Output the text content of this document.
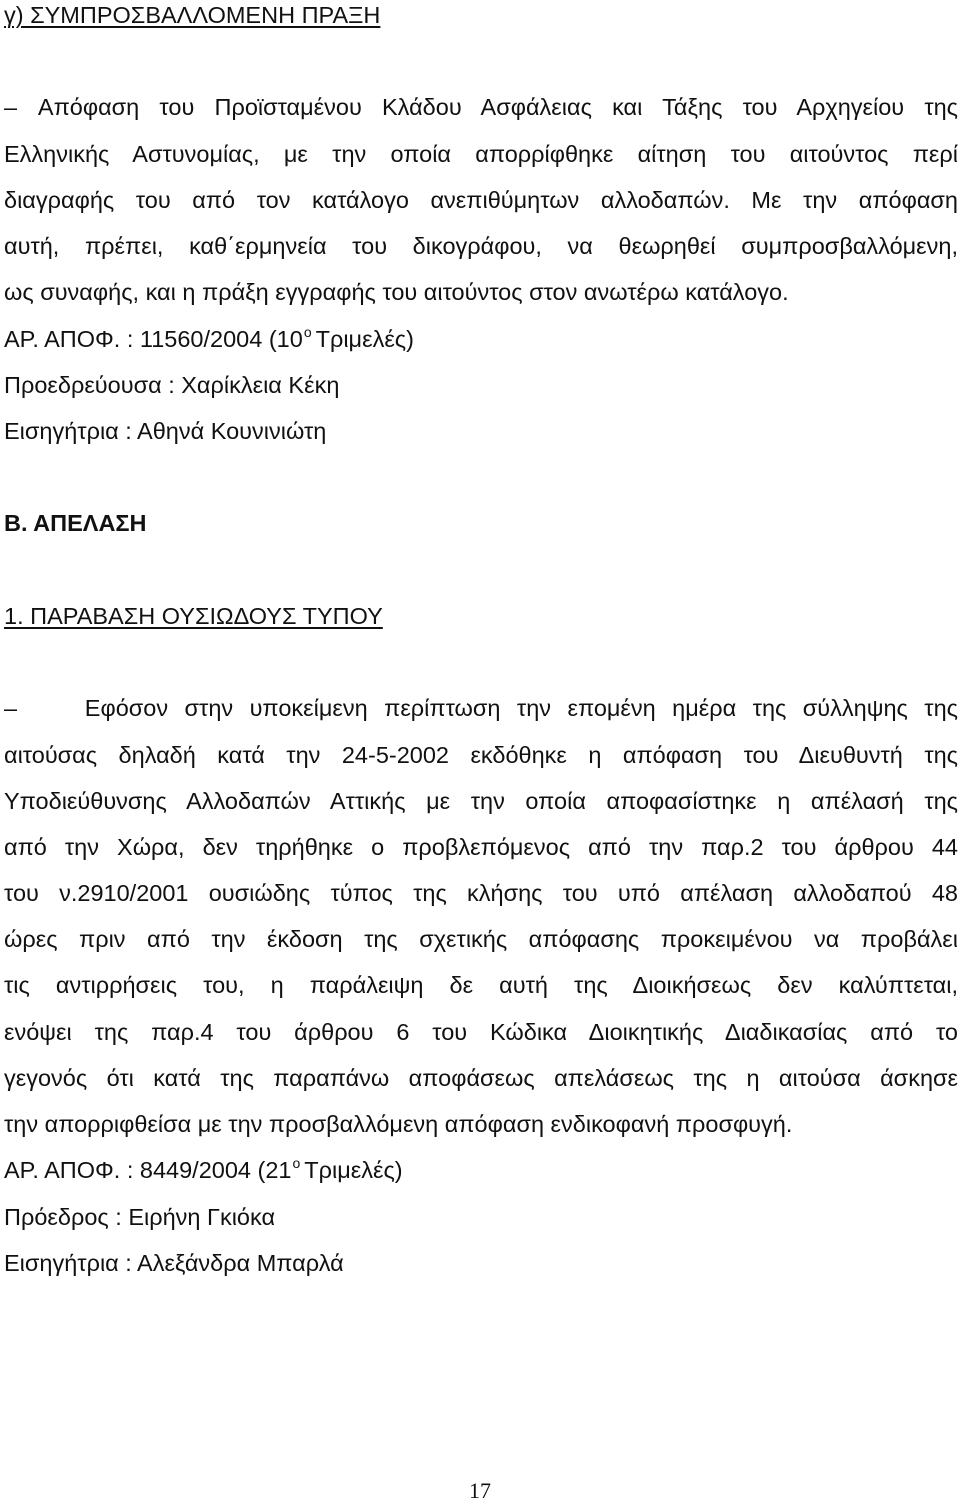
γ) ΣΥΜΠΡΟΣΒΑΛΛΟΜΕΝΗ ΠΡΑΞΗ
– Απόφαση του Προϊσταμένου Κλάδου Ασφάλειας και Τάξης του Αρχηγείου της
Ελληνικής Αστυνομίας, με την οποία απορρίφθηκε αίτηση του αιτούντος περί
διαγραφής του από τον κατάλογο ανεπιθύμητων αλλοδαπών. Με την απόφαση
αυτή, πρέπει, καθ΄ερμηνεία του δικογράφου, να θεωρηθεί συμπροσβαλλόμενη,
ως συναφής, και η πράξη εγγραφής του αιτούντος στον ανωτέρω κατάλογο.
ΑΡ. ΑΠΟΦ. : 11560/2004 ($10^o$ Τριμελές)
Προεδρεύουσα : Χαρίκλεια Κέκη
Εισηγήτρια : Αθηνά Κουνινιώτη
Β. ΑΠΕΛΑΣΗ
1. ΠΑΡΑΒΑΣΗ ΟΥΣΙΩΔΟΥΣ ΤΥΠΟΥ
–	Εφόσον στην υποκείμενη περίπτωση την επομένη ημέρα της σύλληψης της
αιτούσας δηλαδή κατά την 24-5-2002 εκδόθηκε η απόφαση του Διευθυντή της
Υποδιεύθυνσης Αλλοδαπών Αττικής με την οποία αποφασίστηκε η απέλασή της
από την Χώρα, δεν τηρήθηκε ο προβλεπόμενος από την παρ.2 του άρθρου 44
του ν.2910/2001 ουσιώδης τύπος της κλήσης του υπό απέλαση αλλοδαπού 48
ώρες πριν από την έκδοση της σχετικής απόφασης προκειμένου να προβάλει
τις αντιρρήσεις του, η παράλειψη δε αυτή της Διοικήσεως δεν καλύπτεται,
ενόψει της παρ.4 του άρθρου 6 του Κώδικα Διοικητικής Διαδικασίας από το
γεγονός ότι κατά της παραπάνω αποφάσεως απελάσεως της η αιτούσα άσκησε
την απορριφθείσα με την προσβαλλόμενη απόφαση ενδικοφανή προσφυγή.
ΑΡ. ΑΠΟΦ. : 8449/2004 ($21^o$ Τριμελές)
Πρόεδρος : Ειρήνη Γκιόκα
Εισηγήτρια : Αλεξάνδρα Μπαρλά
17
